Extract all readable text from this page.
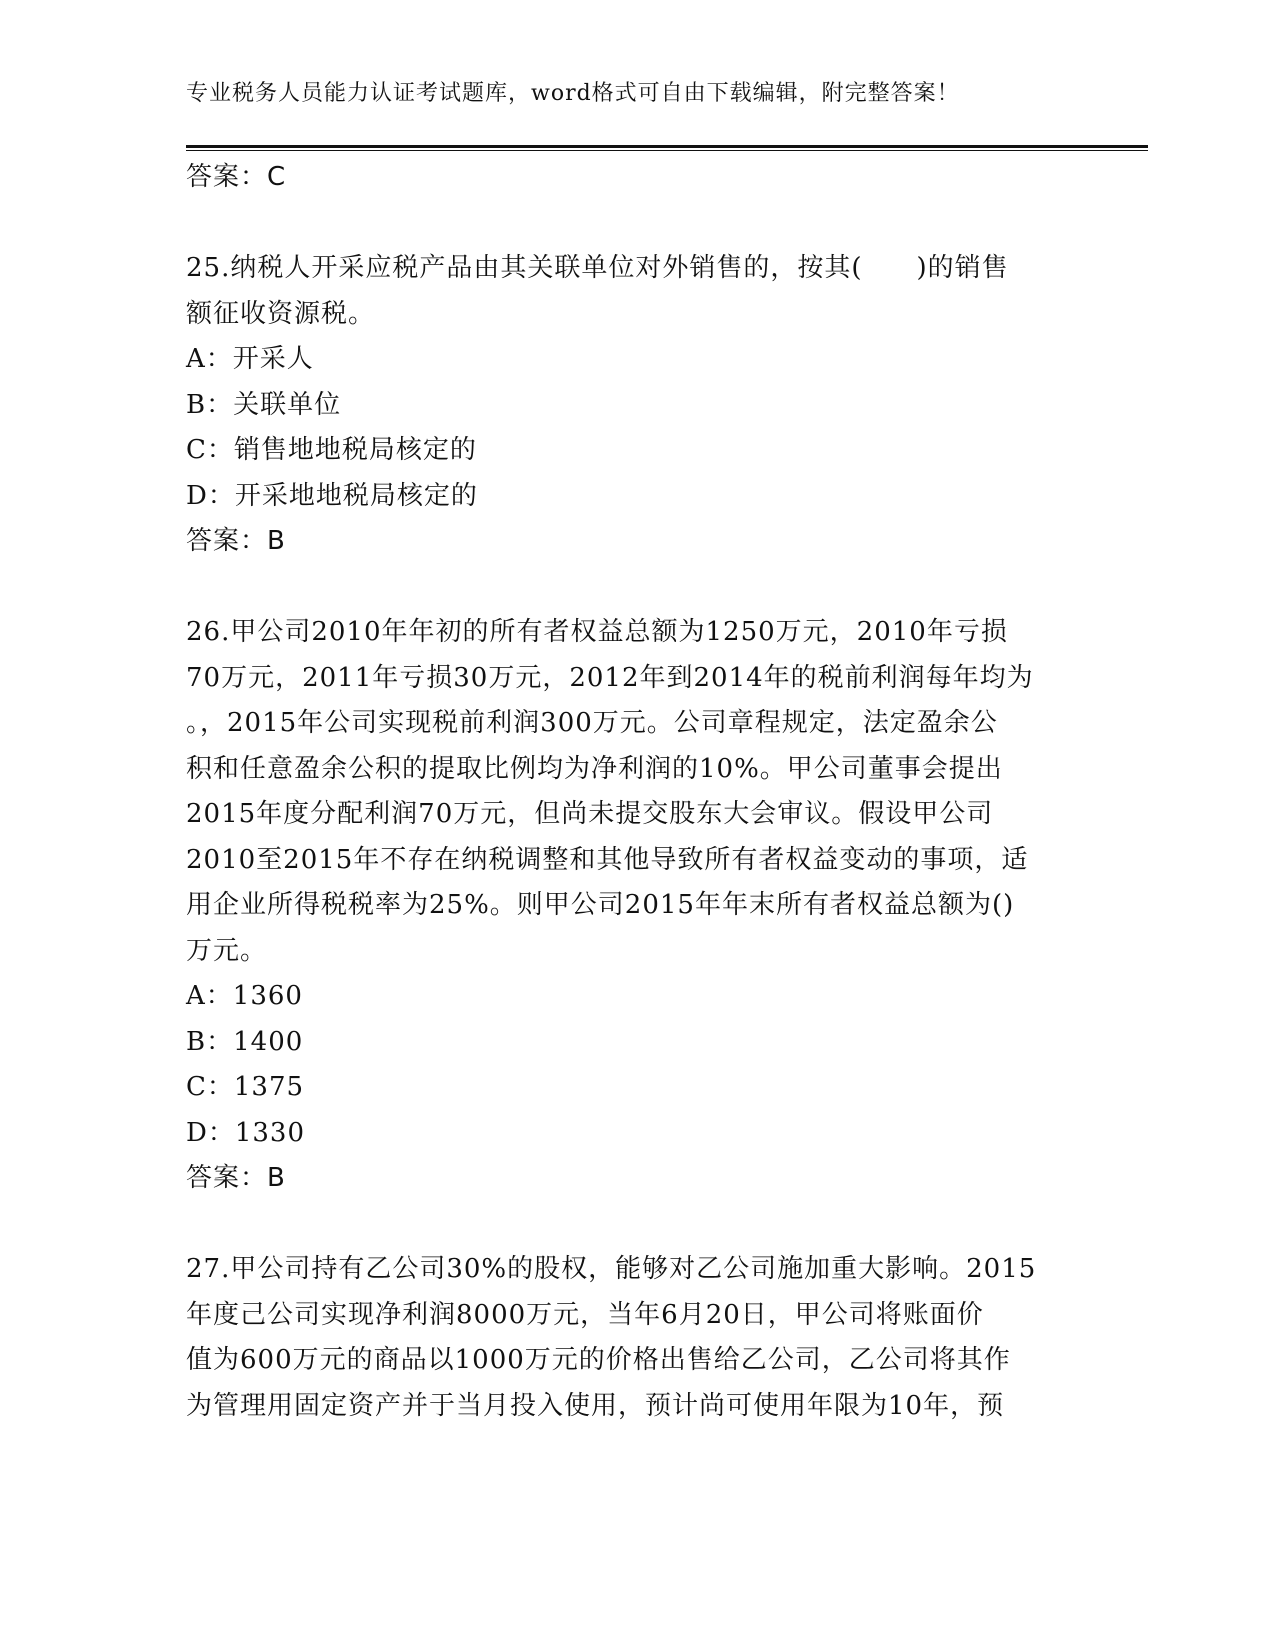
专业税务人员能力认证考试题库，word格式可自由下载编辑，附完整答案！
答案：C
25.纳税人开采应税产品由其关联单位对外销售的，按其(　　)的销售
额征收资源税。
A：开采人
B：关联单位
C：销售地地税局核定的
D：开采地地税局核定的
答案：B
26.甲公司2010年年初的所有者权益总额为1250万元，2010年亏损
70万元，2011年亏损30万元，2012年到2014年的税前利润每年均为
。，2015年公司实现税前利润300万元。公司章程规定，法定盈余公
积和任意盈余公积的提取比例均为净利润的10%。甲公司董事会提出
2015年度分配利润70万元，但尚未提交股东大会审议。假设甲公司
2010至2015年不存在纳税调整和其他导致所有者权益变动的事项，适
用企业所得税税率为25%。则甲公司2015年年末所有者权益总额为()
万元。
A：1360
B：1400
C：1375
D：1330
答案：B
27.甲公司持有乙公司30%的股权，能够对乙公司施加重大影响。2015
年度己公司实现净利润8000万元，当年6月20日，甲公司将账面价
值为600万元的商品以1000万元的价格出售给乙公司，乙公司将其作
为管理用固定资产并于当月投入使用，预计尚可使用年限为10年，预
